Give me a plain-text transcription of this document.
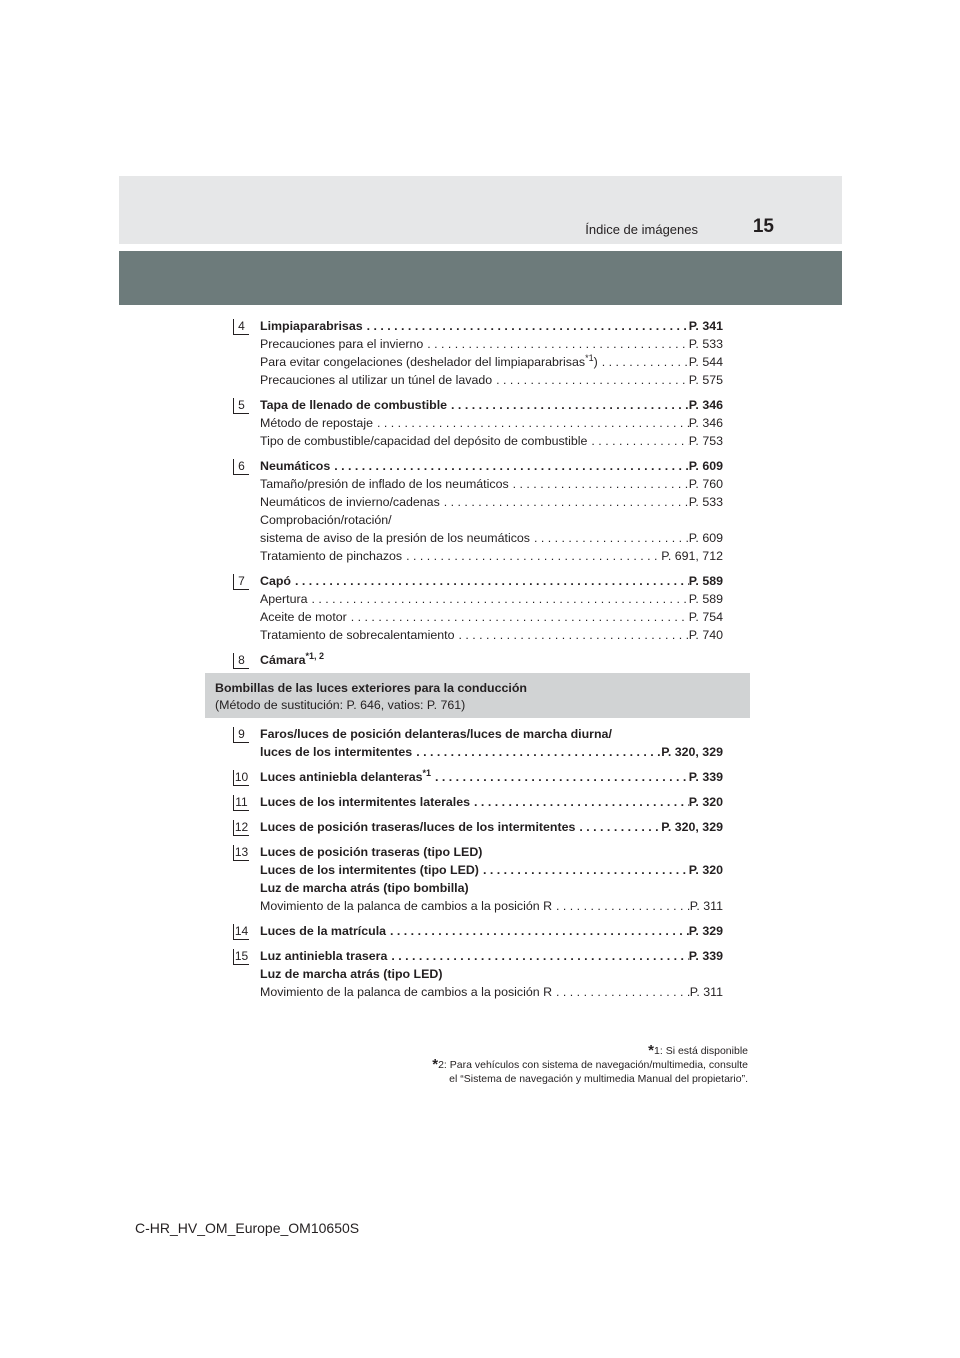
15
Índice de imágenes
4	Limpiaparabrisas . . .	P. 341
Precauciones para el invierno . . .	P. 533
Para evitar congelaciones (deshelador del limpiaparabrisas$^{*1}$) . . .	P. 544
Precauciones al utilizar un túnel de lavado . . .	P. 575
5	Tapa de llenado de combustible . . .	P. 346
Método de repostaje . . .	P. 346
Tipo de combustible/capacidad del depósito de combustible . . .	P. 753
6	Neumáticos . . .	P. 609
Tamaño/presión de inflado de los neumáticos . . .	P. 760
Neumáticos de invierno/cadenas . . .	P. 533
Comprobación/rotación/
sistema de aviso de la presión de los neumáticos . . .	P. 609
Tratamiento de pinchazos . . .	P. 691, 712
7	Capó . . .	P. 589
Apertura . . .	P. 589
Aceite de motor . . .	P. 754
Tratamiento de sobrecalentamiento . . .	P. 740
8	Cámara$^{*1, 2}$
Bombillas de las luces exteriores para la conducción
(Método de sustitución: P. 646, vatios: P. 761)
9	Faros/luces de posición delanteras/luces de marcha diurna/
luces de los intermitentes . . .	P. 320, 329
10 Luces antiniebla delanteras$^{*1}$ . . .	P. 339
11 Luces de los intermitentes laterales . . .	P. 320
12 Luces de posición traseras/luces de los intermitentes . . .	P. 320, 329
13 Luces de posición traseras (tipo LED)
Luces de los intermitentes (tipo LED) . . .	P. 320
Luz de marcha atrás (tipo bombilla)
Movimiento de la palanca de cambios a la posición R . . .	P. 311
14 Luces de la matrícula . . .	P. 329
15 Luz antiniebla trasera . . .	P. 339
Luz de marcha atrás (tipo LED)
Movimiento de la palanca de cambios a la posición R . . .	P. 311
*1: Si está disponible
*2: Para vehículos con sistema de navegación/multimedia, consulte
el “Sistema de navegación y multimedia Manual del propietario”.
C-HR_HV_OM_Europe_OM10650S
